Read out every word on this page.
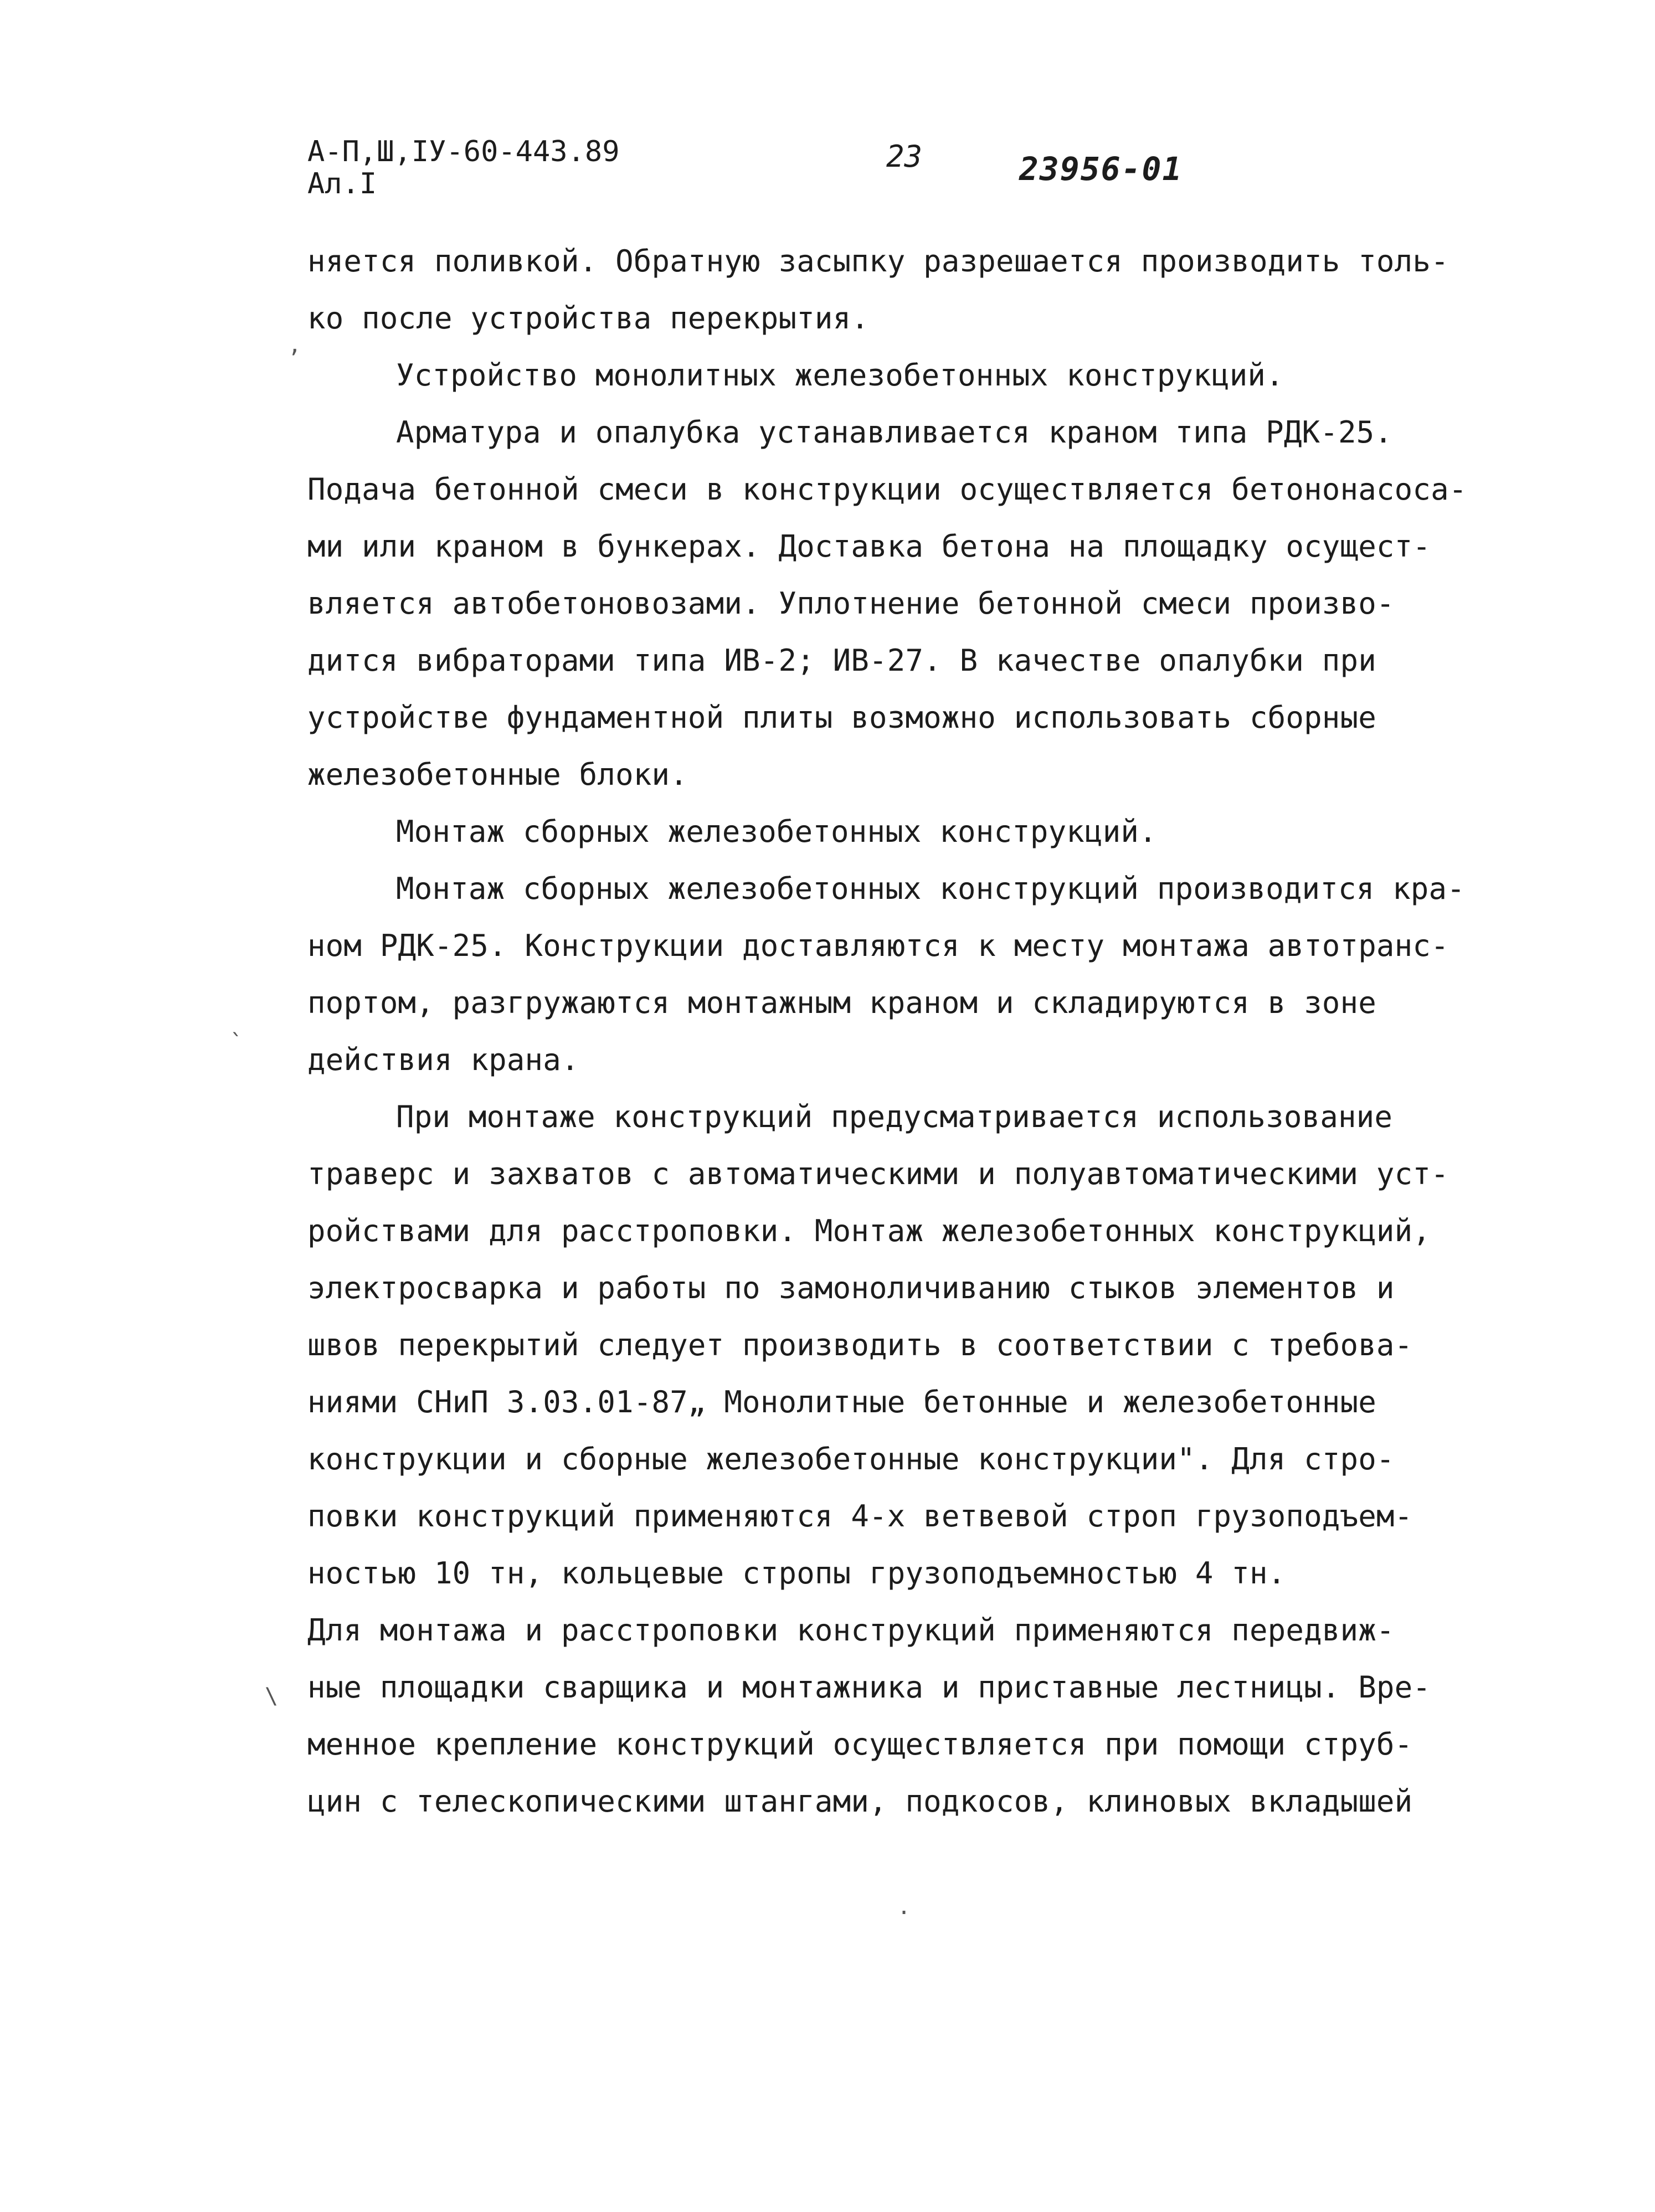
А-П,Ш,IУ-60-443.89
Ал.I
23	23956-01
няется поливкой. Обратную засыпку разрешается производить толь-
ко после устройства перекрытия.
Устройство монолитных железобетонных конструкций.
Арматура и опалубка устанавливается краном типа РДК-25.
Подача бетонной смеси в конструкции осуществляется бетононасоса-
ми или краном в бункерах. Доставка бетона на площадку осущест-
вляется автобетоновозами. Уплотнение бетонной смеси произво-
дится вибраторами типа ИВ-2; ИВ-27. В качестве опалубки при
устройстве фундаментной плиты возможно использовать сборные
железобетонные блоки.
Монтаж сборных железобетонных конструкций.
Монтаж сборных железобетонных конструкций производится кра-
ном РДК-25. Конструкции доставляются к месту монтажа автотранс-
портом, разгружаются монтажным краном и складируются в зоне
действия крана.
При монтаже конструкций предусматривается использование
траверс и захватов с автоматическими и полуавтоматическими уст-
ройствами для расстроповки. Монтаж железобетонных конструкций,
электросварка и работы по замоноличиванию стыков элементов и
швов перекрытий следует производить в соответствии с требова-
ниями СНиП 3.03.01-87„ Монолитные бетонные и железобетонные
конструкции и сборные железобетонные конструкции". Для стро-
повки конструкций применяются 4-х ветвевой строп грузоподъем-
ностью 10 тн, кольцевые стропы грузоподъемностью 4 тн.
Для монтажа и расстроповки конструкций применяются передвиж-
ные площадки сварщика и монтажника и приставные лестницы. Вре-
менное крепление конструкций осуществляется при помощи струб-
цин с телескопическими штангами, подкосов, клиновых вкладышей
,
`
\
.
